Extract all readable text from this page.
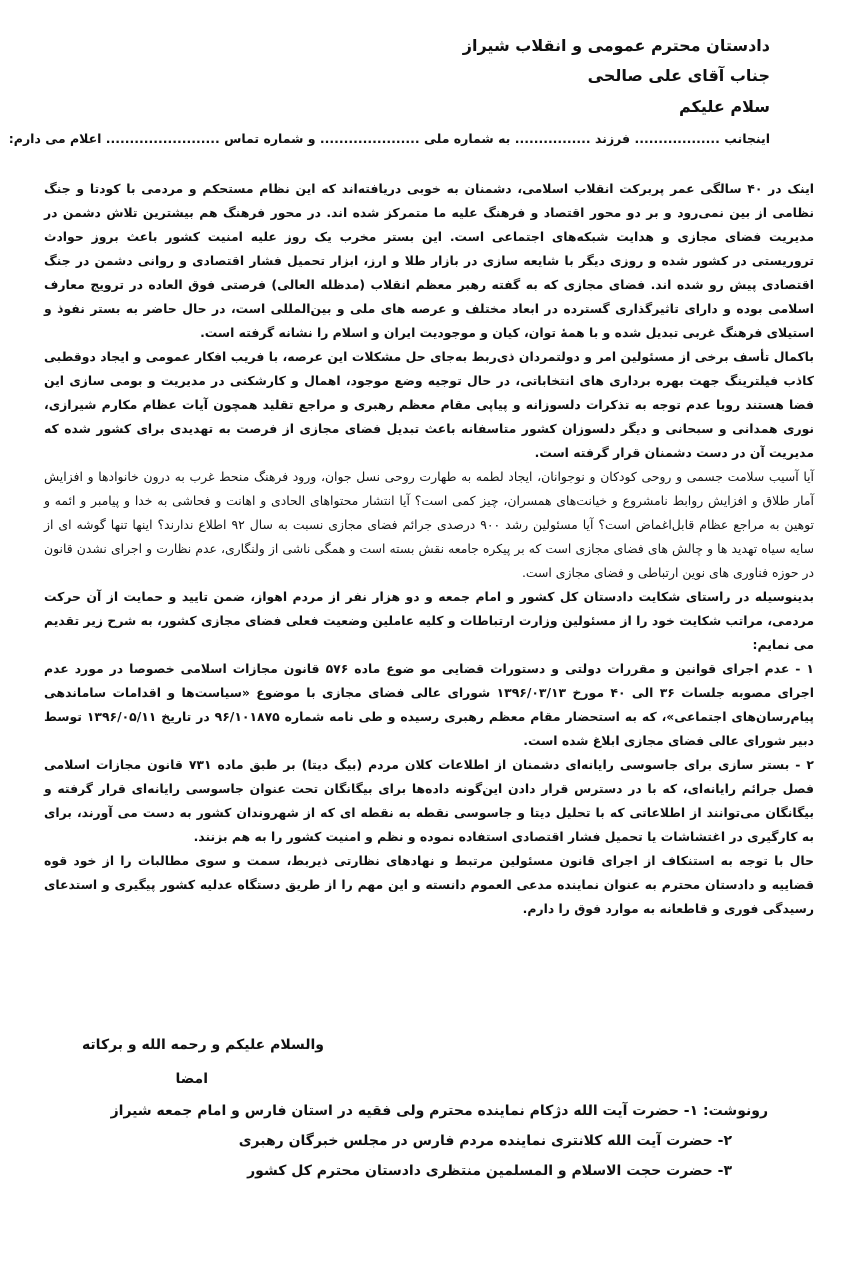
دادستان محترم عمومی و انقلاب شیراز
جناب آقای علی صالحی
سلام علیکم
اینجانب .................. فرزند ................ به شماره ملی ..................... و شماره تماس ........................ اعلام می دارم:

اینک در ۴۰ سالگی عمر پربرکت انقلاب اسلامی، دشمنان به خوبی دریافته‌اند که این نظام مستحکم و مردمی با کودتا و جنگ نظامی از بین نمی‌رود و بر دو محور اقتصاد و فرهنگ علیه ما متمرکز شده اند. در محور فرهنگ هم بیشترین تلاش دشمن در مدیریت فضای مجازی و هدایت شبکه‌های اجتماعی است. این بستر مخرب یک روز علیه امنیت کشور باعث بروز حوادث تروریستی در کشور شده و روزی دیگر با شایعه سازی در بازار طلا و ارز، ابزار تحمیل فشار اقتصادی و روانی دشمن در جنگ اقتصادی پیش رو شده اند. فضای مجازی که به گفته رهبر معظم انقلاب (مدظله العالی) فرصتی فوق العاده در ترویج معارف اسلامی بوده و دارای تاثیرگذاری گسترده در ابعاد مختلف و عرصه های ملی و بین‌المللی است، در حال حاضر به بستر نفوذ و استیلای فرهنگ غربی تبدیل شده و با همهٔ توان، کیان و موجودیت ایران و اسلام را نشانه گرفته است.

باکمال تأسف برخی از مسئولین امر و دولتمردان ذی‌ربط به‌جای حل مشکلات این عرصه، با فریب افکار عمومی و ایجاد دوقطبی کاذب فیلترینگ جهت بهره برداری های انتخاباتی، در حال توجیه وضع موجود، اهمال و کارشکنی در مدیریت و بومی سازی این فضا هستند روبا عدم توجه به تذکرات دلسوزانه و پیاپی مقام معظم رهبری و مراجع تقلید همچون آیات عظام مکارم شیرازی، نوری همدانی و سبحانی و دیگر دلسوزان کشور متاسفانه باعث تبدیل فضای مجازی از فرصت به تهدیدی برای کشور شده که مدیریت آن در دست دشمنان قرار گرفته است.

آیا آسیب سلامت جسمی و روحی کودکان و نوجوانان، ایجاد لطمه به طهارت روحی نسل جوان، ورود فرهنگ منحط غرب به درون خانوادها و افزایش آمار طلاق و افزایش روابط نامشروع و خیانت‌های همسران، چیز کمی است؟ آیا انتشار محتواهای الحادی و اهانت و فحاشی به خدا و پیامبر و ائمه و توهین به مراجع عظام قابل‌اغماض است؟ آیا مسئولین رشد ۹۰۰ درصدی جرائم فضای مجازی نسبت به سال ۹۲ اطلاع ندارند؟ اینها تنها گوشه ای از سایه سیاه تهدید ها و چالش های فضای مجازی است که بر پیکره جامعه نقش بسته است و همگی ناشی از ولنگاری، عدم نظارت و اجرای نشدن قانون در حوزه فناوری های نوین ارتباطی و فضای مجازی است.

بدینوسیله در راستای شکایت دادستان کل کشور و امام جمعه و دو هزار نفر از مردم اهواز، ضمن تایید و حمایت از آن حرکت مردمی، مراتب شکایت خود را از مسئولین وزارت ارتباطات و کلیه عاملین وضعیت فعلی فضای مجازی کشور، به شرح زیر تقدیم می نمایم:

۱ - عدم اجرای قوانین و مقررات دولتی و دستورات قضایی مو ضوع ماده ۵۷۶ قانون مجازات اسلامی خصوصا در مورد عدم اجرای مصوبه جلسات ۳۶ الی ۴۰ مورخ ۱۳۹۶/۰۳/۱۳ شورای عالی فضای مجازی با موضوع «سیاست‌ها و اقدامات ساماندهی پیام‌رسان‌های اجتماعی»، که به استحضار مقام معظم رهبری رسیده و طی نامه شماره ۹۶/۱۰۱۸۷۵ در تاریخ ۱۳۹۶/۰۵/۱۱ توسط دبیر شورای عالی فضای مجازی ابلاغ شده است.

۲ - بستر سازی برای جاسوسی رایانه‌ای دشمنان از اطلاعات کلان مردم (بیگ دیتا) بر طبق ماده ۷۳۱ قانون مجازات اسلامی فصل جرائم رایانه‌ای، که با در دسترس قرار دادن این‌گونه داده‌ها برای بیگانگان تحت عنوان جاسوسی رایانه‌ای قرار گرفته و بیگانگان می‌توانند از اطلاعاتی که با تحلیل دیتا و جاسوسی نقطه به نقطه ای که از شهروندان کشور به دست می آورند، برای به کارگیری در اغتشاشات یا تحمیل فشار اقتصادی استفاده نموده و نظم و امنیت کشور را به هم بزنند.

حال با توجه به استنکاف از اجرای قانون مسئولین مرتبط و نهادهای نظارتی ذیربط، سمت و سوی مطالبات را از خود قوه قضاییه و دادستان محترم به عنوان نماینده مدعی العموم دانسته و این مهم را از طریق دستگاه عدلیه کشور پیگیری و استدعای رسیدگی فوری و قاطعانه به موارد فوق را دارم.

والسلام علیکم و رحمه الله و برکاته
امضا
رونوشت: ۱- حضرت آیت الله دژکام نماینده محترم ولی فقیه در استان فارس و امام جمعه شیراز
۲- حضرت آیت الله کلانتری نماینده مردم فارس در مجلس خبرگان رهبری
۳- حضرت حجت الاسلام و المسلمین منتظری دادستان محترم کل کشور
